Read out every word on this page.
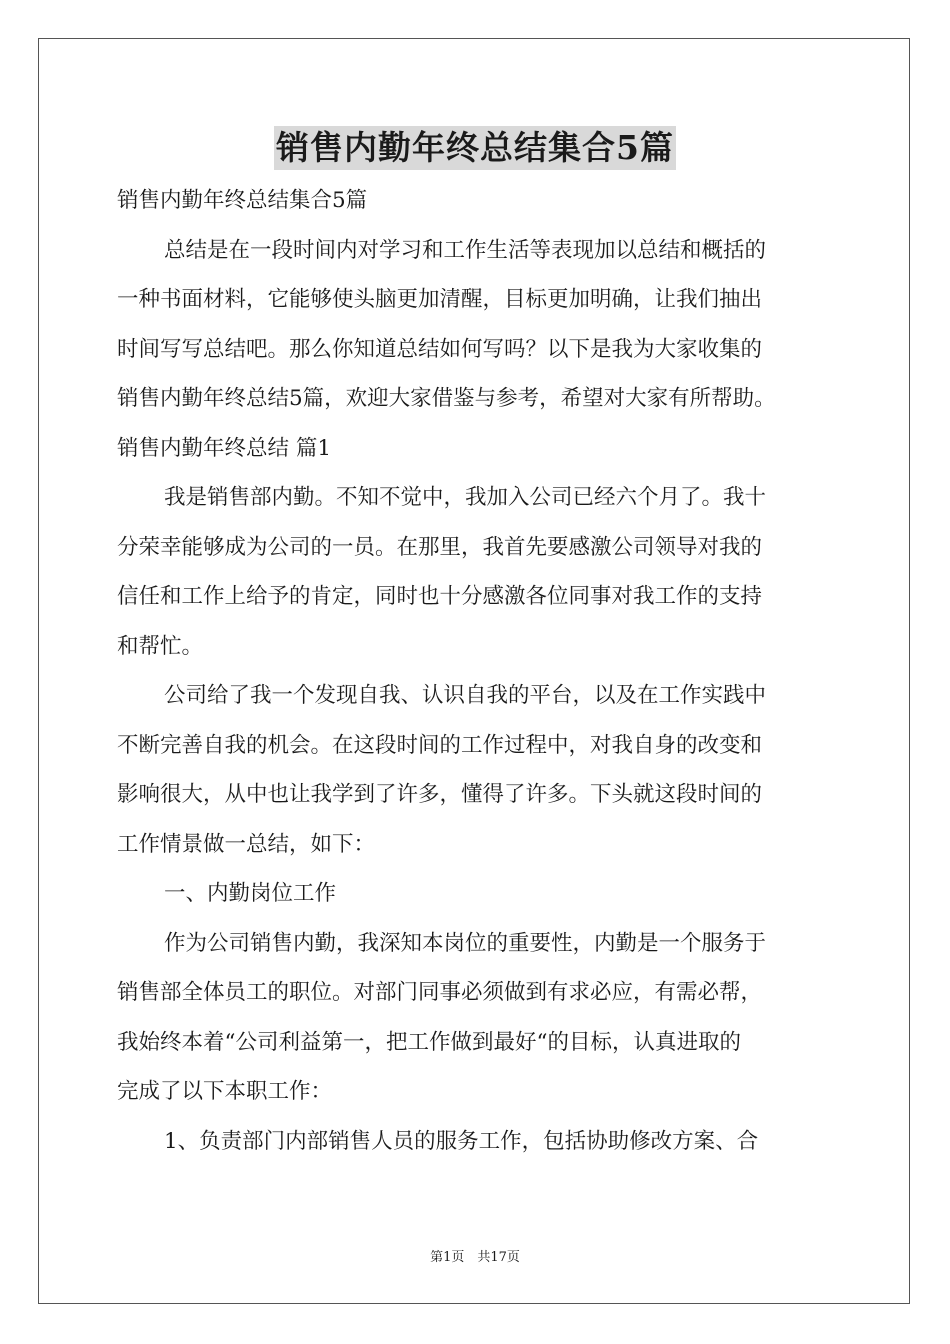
销售内勤年终总结集合5篇
销售内勤年终总结集合5篇
总结是在一段时间内对学习和工作生活等表现加以总结和概括的
一种书面材料，它能够使头脑更加清醒，目标更加明确，让我们抽出
时间写写总结吧。那么你知道总结如何写吗？以下是我为大家收集的
销售内勤年终总结5篇，欢迎大家借鉴与参考，希望对大家有所帮助。
销售内勤年终总结 篇1
我是销售部内勤。不知不觉中，我加入公司已经六个月了。我十
分荣幸能够成为公司的一员。在那里，我首先要感激公司领导对我的
信任和工作上给予的肯定，同时也十分感激各位同事对我工作的支持
和帮忙。
公司给了我一个发现自我、认识自我的平台，以及在工作实践中
不断完善自我的机会。在这段时间的工作过程中，对我自身的改变和
影响很大，从中也让我学到了许多，懂得了许多。下头就这段时间的
工作情景做一总结，如下：
一、内勤岗位工作
作为公司销售内勤，我深知本岗位的重要性，内勤是一个服务于
销售部全体员工的职位。对部门同事必须做到有求必应，有需必帮，
我始终本着“公司利益第一，把工作做到最好“的目标，认真进取的
完成了以下本职工作：
1、负责部门内部销售人员的服务工作，包括协助修改方案、合
第1页　共17页
